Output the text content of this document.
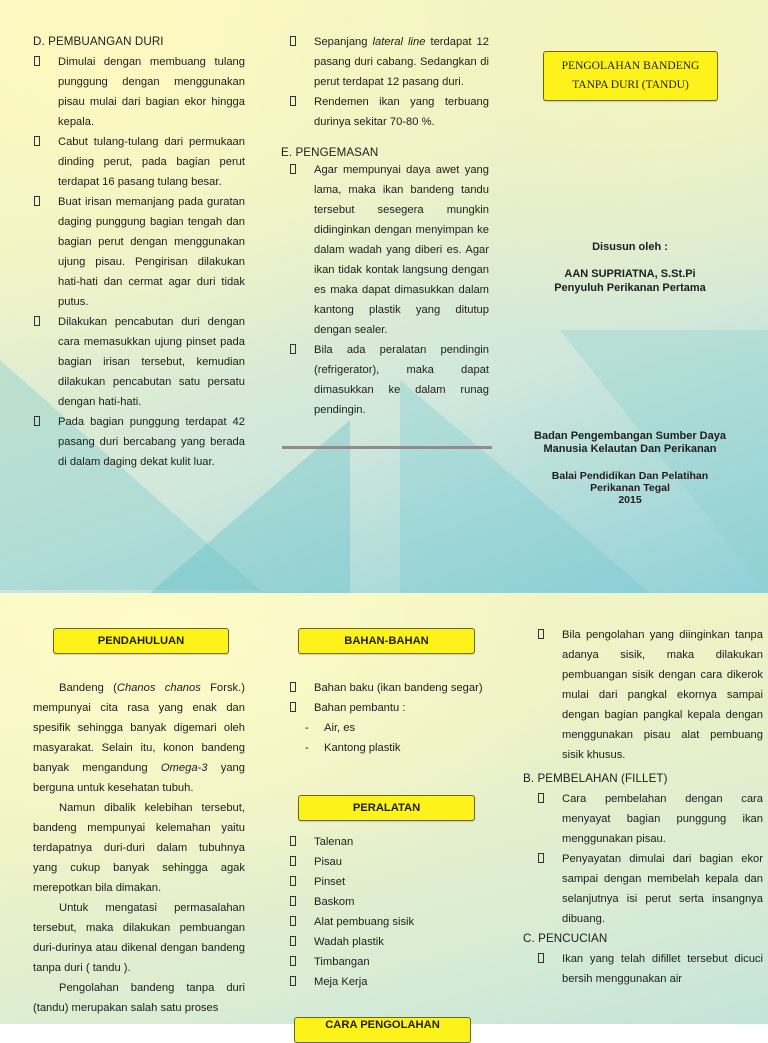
D. PEMBUANGAN DURI
Dimulai dengan membuang tulang punggung dengan menggunakan pisau mulai dari bagian ekor hingga kepala.
Cabut tulang-tulang dari permukaan dinding perut, pada bagian perut terdapat 16 pasang tulang besar.
Buat irisan memanjang pada guratan daging punggung bagian tengah dan bagian perut dengan menggunakan ujung pisau. Pengirisan dilakukan hati-hati dan cermat agar duri tidak putus.
Dilakukan pencabutan duri dengan cara memasukkan ujung pinset pada bagian irisan tersebut, kemudian dilakukan pencabutan satu persatu dengan hati-hati.
Pada bagian punggung terdapat 42 pasang duri bercabang yang berada di dalam daging dekat kulit luar.
Sepanjang lateral line terdapat 12 pasang duri cabang. Sedangkan di perut terdapat 12 pasang duri.
Rendemen ikan yang terbuang durinya sekitar 70-80 %.
E. PENGEMASAN
Agar mempunyai daya awet yang lama, maka ikan bandeng tandu tersebut sesegera mungkin didinginkan dengan menyimpan ke dalam wadah yang diberi es. Agar ikan tidak kontak langsung dengan es maka dapat dimasukkan dalam kantong plastik yang ditutup dengan sealer.
Bila ada peralatan pendingin (refrigerator), maka dapat dimasukkan ke dalam runag pendingin.
PENGOLAHAN BANDENG
TANPA DURI (TANDU)
Disusun oleh :
AAN SUPRIATNA, S.St.Pi
Penyuluh Perikanan Pertama
Badan Pengembangan Sumber Daya
Manusia Kelautan Dan Perikanan
Balai Pendidikan Dan Pelatihan
Perikanan Tegal
2015
PENDAHULUAN
Bandeng (Chanos chanos Forsk.) mempunyai cita rasa yang enak dan spesifik sehingga banyak digemari oleh masyarakat. Selain itu, konon bandeng banyak mengandung Omega-3 yang berguna untuk kesehatan tubuh.
Namun dibalik kelebihan tersebut, bandeng mempunyai kelemahan yaitu terdapatnya duri-duri dalam tubuhnya yang cukup banyak sehingga agak merepotkan bila dimakan.
Untuk mengatasi permasalahan tersebut, maka dilakukan pembuangan duri-durinya atau dikenal dengan bandeng tanpa duri ( tandu ).
Pengolahan bandeng tanpa duri (tandu) merupakan salah satu proses
BAHAN-BAHAN
Bahan baku (ikan bandeng segar)
Bahan pembantu :
- Air, es
- Kantong plastik
PERALATAN
Talenan
Pisau
Pinset
Baskom
Alat pembuang sisik
Wadah plastik
Timbangan
Meja Kerja
CARA PENGOLAHAN
Bila pengolahan yang diinginkan tanpa adanya sisik, maka dilakukan pembuangan sisik dengan cara dikerok mulai dari pangkal ekornya sampai dengan bagian pangkal kepala dengan menggunakan pisau alat pembuang sisik khusus.
B. PEMBELAHAN (FILLET)
Cara pembelahan dengan cara menyayat bagian punggung ikan menggunakan pisau.
Penyayatan dimulai dari bagian ekor sampai dengan membelah kepala dan selanjutnya isi perut serta insangnya dibuang.
C. PENCUCIAN
Ikan yang telah difillet tersebut dicuci bersih menggunakan air
